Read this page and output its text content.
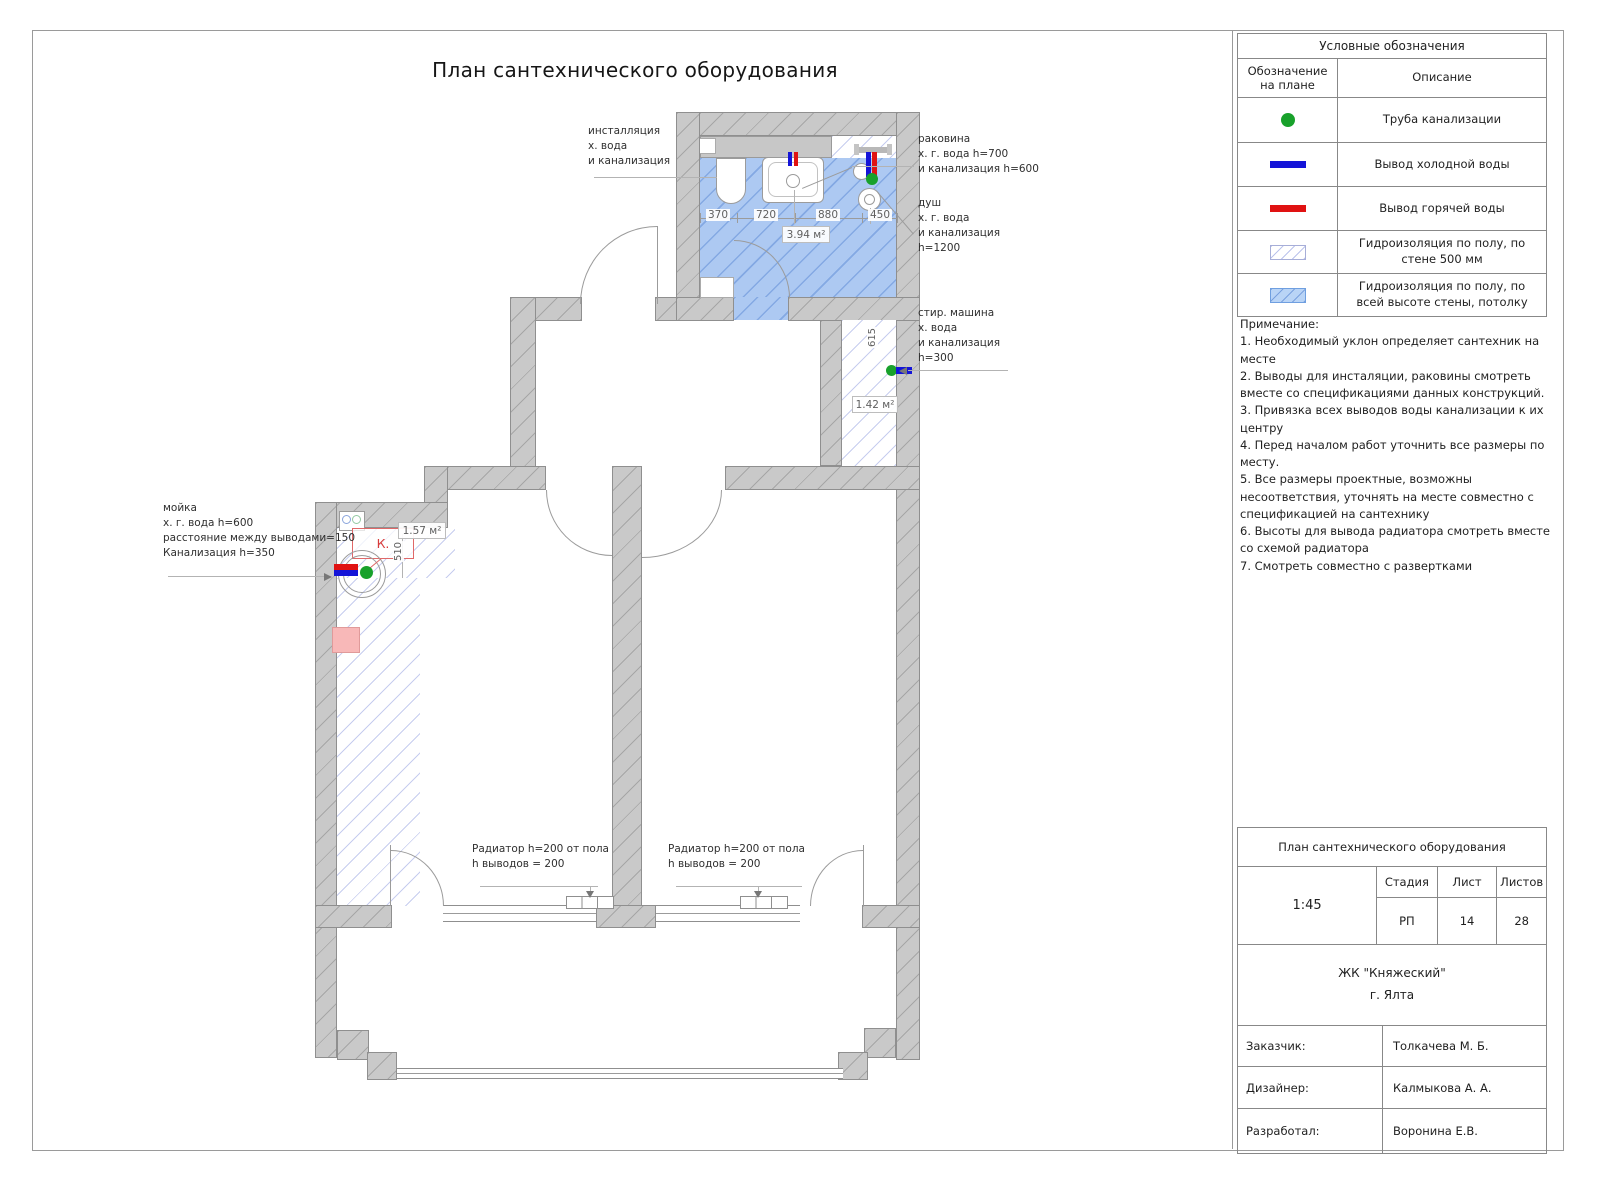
План сантехнического оборудования
370	720	880	450
3.94 м²
615
1.42 м²
К. 510
1.57 м²
Радиатор h=200 от пола
h выводов = 200
Радиатор h=200 от пола
h выводов = 200
инсталляция
х. вода
и канализация
раковина
х. г. вода h=700
и канализация h=600
душ
х. г. вода
и канализация
h=1200
стир. машина
х. вода
и канализация
h=300
мойка
х. г. вода h=600
расстояние между выводами=150
Канализация h=350
Условные обозначения
Обозначение на плане
Описание
Труба канализации
Вывод холодной воды
Вывод горячей воды
Гидроизоляция по полу, по стене 500 мм
Гидроизоляция по полу, по всей высоте стены, потолку
Примечание:
1. Необходимый уклон определяет сантехник на месте
2. Выводы для инсталяции, раковины смотреть вместе со спецификациями данных конструкций.
3. Привязка всех выводов воды канализации к их центру
4. Перед началом работ уточнить все размеры по месту.
5. Все размеры проектные, возможны несоответствия, уточнять на месте совместно с спецификацией на сантехнику
6. Высоты для вывода радиатора смотреть вместе со схемой радиатора
7. Смотреть совместно с развертками
План сантехнического оборудования
1:45
Стадия
РП
Лист
14
Листов
28
ЖК "Княжеский"
г. Ялта
Заказчик:	Толкачева М. Б.
Дизайнер:	Калмыкова А. А.
Разработал:	Воронина Е.В.
